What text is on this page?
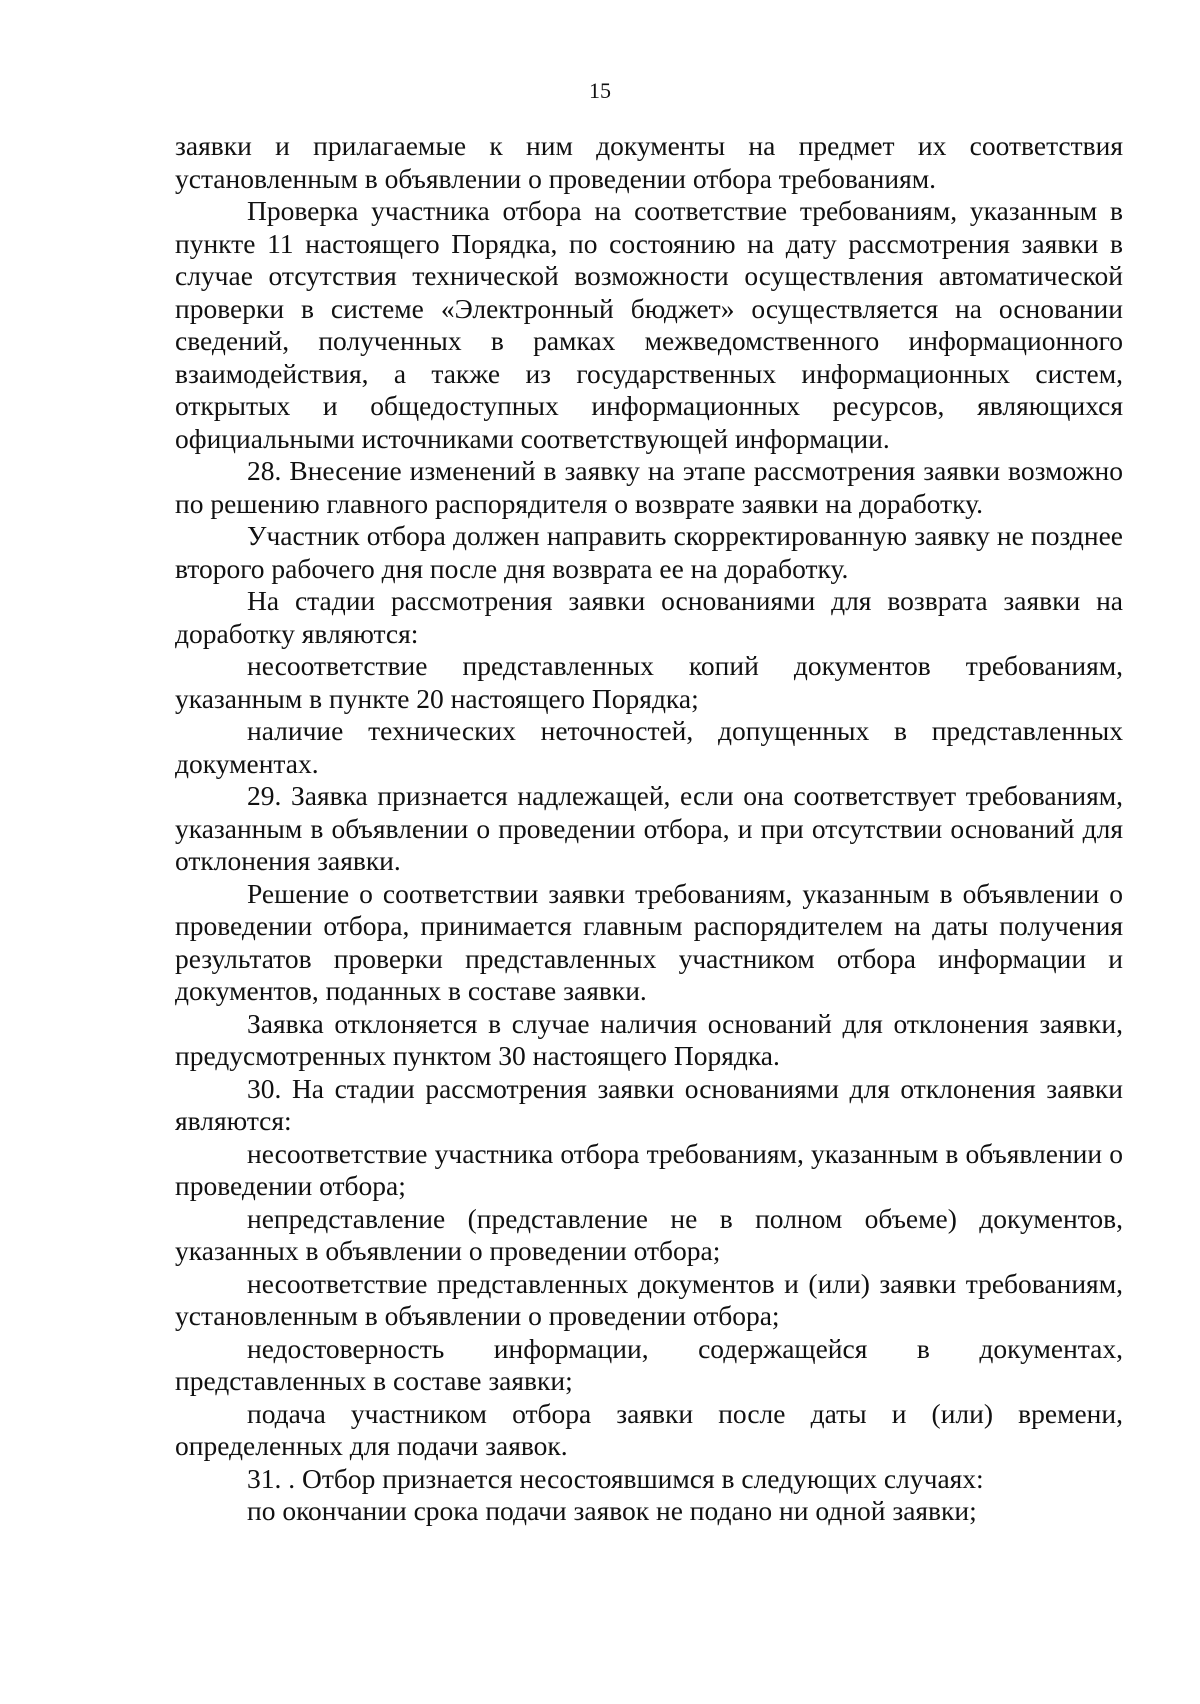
15

заявки и прилагаемые к ним документы на предмет их соответствия установленным в объявлении о проведении отбора требованиям.

Проверка участника отбора на соответствие требованиям, указанным в пункте 11 настоящего Порядка, по состоянию на дату рассмотрения заявки в случае отсутствия технической возможности осуществления автоматической проверки в системе «Электронный бюджет» осуществляется на основании сведений, полученных в рамках межведомственного информационного взаимодействия, а также из государственных информационных систем, открытых и общедоступных информационных ресурсов, являющихся официальными источниками соответствующей информации.

28. Внесение изменений в заявку на этапе рассмотрения заявки возможно по решению главного распорядителя о возврате заявки на доработку.

Участник отбора должен направить скорректированную заявку не позднее второго рабочего дня после дня возврата ее на доработку.

На стадии рассмотрения заявки основаниями для возврата заявки на доработку являются:

несоответствие представленных копий документов требованиям, указанным в пункте 20 настоящего Порядка;

наличие технических неточностей, допущенных в представленных документах.

29. Заявка признается надлежащей, если она соответствует требованиям, указанным в объявлении о проведении отбора, и при отсутствии оснований для отклонения заявки.

Решение о соответствии заявки требованиям, указанным в объявлении о проведении отбора, принимается главным распорядителем на даты получения результатов проверки представленных участником отбора информации и документов, поданных в составе заявки.

Заявка отклоняется в случае наличия оснований для отклонения заявки, предусмотренных пунктом 30 настоящего Порядка.

30. На стадии рассмотрения заявки основаниями для отклонения заявки являются:

несоответствие участника отбора требованиям, указанным в объявлении о проведении отбора;

непредставление (представление не в полном объеме) документов, указанных в объявлении о проведении отбора;

несоответствие представленных документов и (или) заявки требованиям, установленным в объявлении о проведении отбора;

недостоверность информации, содержащейся в документах, представленных в составе заявки;

подача участником отбора заявки после даты и (или) времени, определенных для подачи заявок.

31. . Отбор признается несостоявшимся в следующих случаях:

по окончании срока подачи заявок не подано ни одной заявки;
